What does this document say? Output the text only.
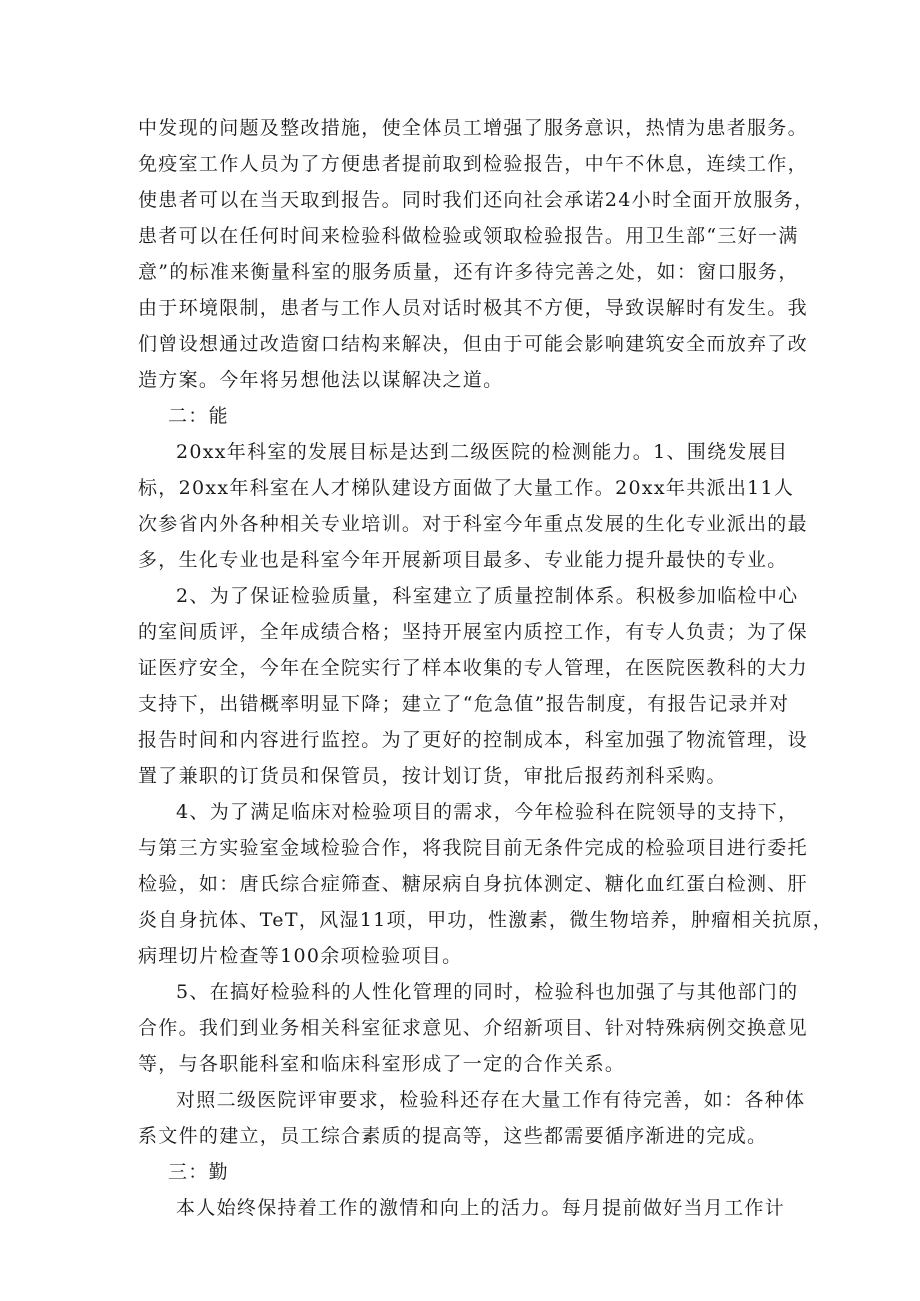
中发现的问题及整改措施，使全体员工增强了服务意识，热情为患者服务。
免疫室工作人员为了方便患者提前取到检验报告，中午不休息，连续工作，
使患者可以在当天取到报告。同时我们还向社会承诺24小时全面开放服务，
患者可以在任何时间来检验科做检验或领取检验报告。用卫生部“三好一满
意”的标准来衡量科室的服务质量，还有许多待完善之处，如：窗口服务，
由于环境限制，患者与工作人员对话时极其不方便，导致误解时有发生。我
们曾设想通过改造窗口结构来解决，但由于可能会影响建筑安全而放弃了改
造方案。今年将另想他法以谋解决之道。
二：能
20xx年科室的发展目标是达到二级医院的检测能力。1、围绕发展目
标，20xx年科室在人才梯队建设方面做了大量工作。20xx年共派出11人
次参省内外各种相关专业培训。对于科室今年重点发展的生化专业派出的最
多，生化专业也是科室今年开展新项目最多、专业能力提升最快的专业。
2、为了保证检验质量，科室建立了质量控制体系。积极参加临检中心
的室间质评，全年成绩合格；坚持开展室内质控工作，有专人负责；为了保
证医疗安全，今年在全院实行了样本收集的专人管理，在医院医教科的大力
支持下，出错概率明显下降；建立了“危急值”报告制度，有报告记录并对
报告时间和内容进行监控。为了更好的控制成本，科室加强了物流管理，设
置了兼职的订货员和保管员，按计划订货，审批后报药剂科采购。
4、为了满足临床对检验项目的需求，今年检验科在院领导的支持下，
与第三方实验室金域检验合作，将我院目前无条件完成的检验项目进行委托
检验，如：唐氏综合症筛查、糖尿病自身抗体测定、糖化血红蛋白检测、肝
炎自身抗体、TeT，风湿11项，甲功，性激素，微生物培养，肿瘤相关抗原，
病理切片检查等100余项检验项目。
5、在搞好检验科的人性化管理的同时，检验科也加强了与其他部门的
合作。我们到业务相关科室征求意见、介绍新项目、针对特殊病例交换意见
等，与各职能科室和临床科室形成了一定的合作关系。
对照二级医院评审要求，检验科还存在大量工作有待完善，如：各种体
系文件的建立，员工综合素质的提高等，这些都需要循序渐进的完成。
三：勤
本人始终保持着工作的激情和向上的活力。每月提前做好当月工作计
